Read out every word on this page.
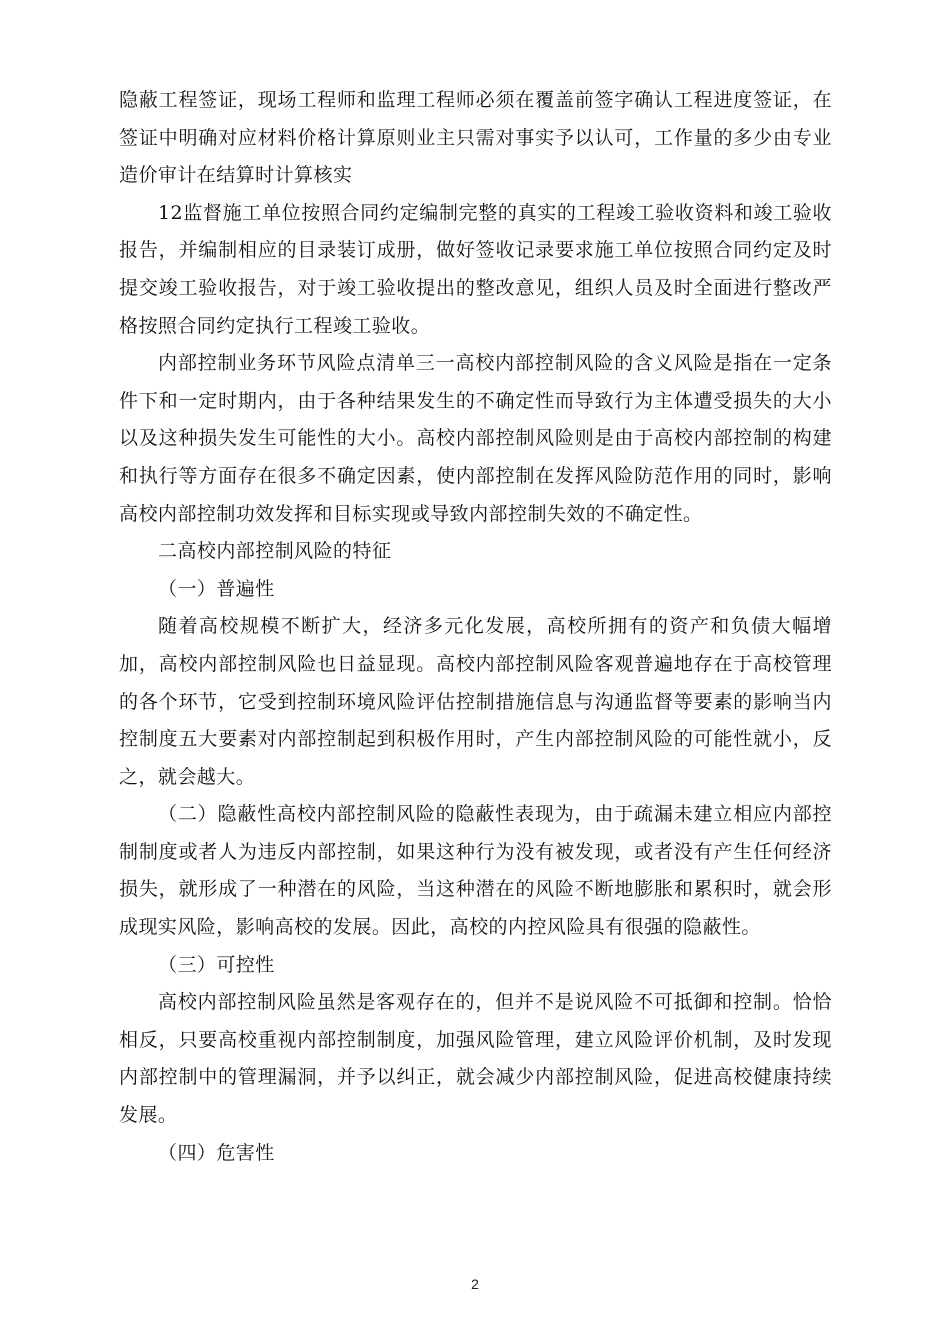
隐蔽工程签证，现场工程师和监理工程师必须在覆盖前签字确认工程进度签证，在签证中明确对应材料价格计算原则业主只需对事实予以认可，工作量的多少由专业造价审计在结算时计算核实

12监督施工单位按照合同约定编制完整的真实的工程竣工验收资料和竣工验收报告，并编制相应的目录装订成册，做好签收记录要求施工单位按照合同约定及时提交竣工验收报告，对于竣工验收提出的整改意见，组织人员及时全面进行整改严格按照合同约定执行工程竣工验收。

内部控制业务环节风险点清单三一高校内部控制风险的含义风险是指在一定条件下和一定时期内，由于各种结果发生的不确定性而导致行为主体遭受损失的大小以及这种损失发生可能性的大小。高校内部控制风险则是由于高校内部控制的构建和执行等方面存在很多不确定因素，使内部控制在发挥风险防范作用的同时，影响高校内部控制功效发挥和目标实现或导致内部控制失效的不确定性。

二高校内部控制风险的特征

（一）普遍性

随着高校规模不断扩大，经济多元化发展，高校所拥有的资产和负债大幅增加，高校内部控制风险也日益显现。高校内部控制风险客观普遍地存在于高校管理的各个环节，它受到控制环境风险评估控制措施信息与沟通监督等要素的影响当内控制度五大要素对内部控制起到积极作用时，产生内部控制风险的可能性就小，反之，就会越大。

（二）隐蔽性高校内部控制风险的隐蔽性表现为，由于疏漏未建立相应内部控制制度或者人为违反内部控制，如果这种行为没有被发现，或者没有产生任何经济损失，就形成了一种潜在的风险，当这种潜在的风险不断地膨胀和累积时，就会形成现实风险，影响高校的发展。因此，高校的内控风险具有很强的隐蔽性。

（三）可控性

高校内部控制风险虽然是客观存在的，但并不是说风险不可抵御和控制。恰恰相反，只要高校重视内部控制制度，加强风险管理，建立风险评价机制，及时发现内部控制中的管理漏洞，并予以纠正，就会减少内部控制风险，促进高校健康持续发展。

（四）危害性

2
